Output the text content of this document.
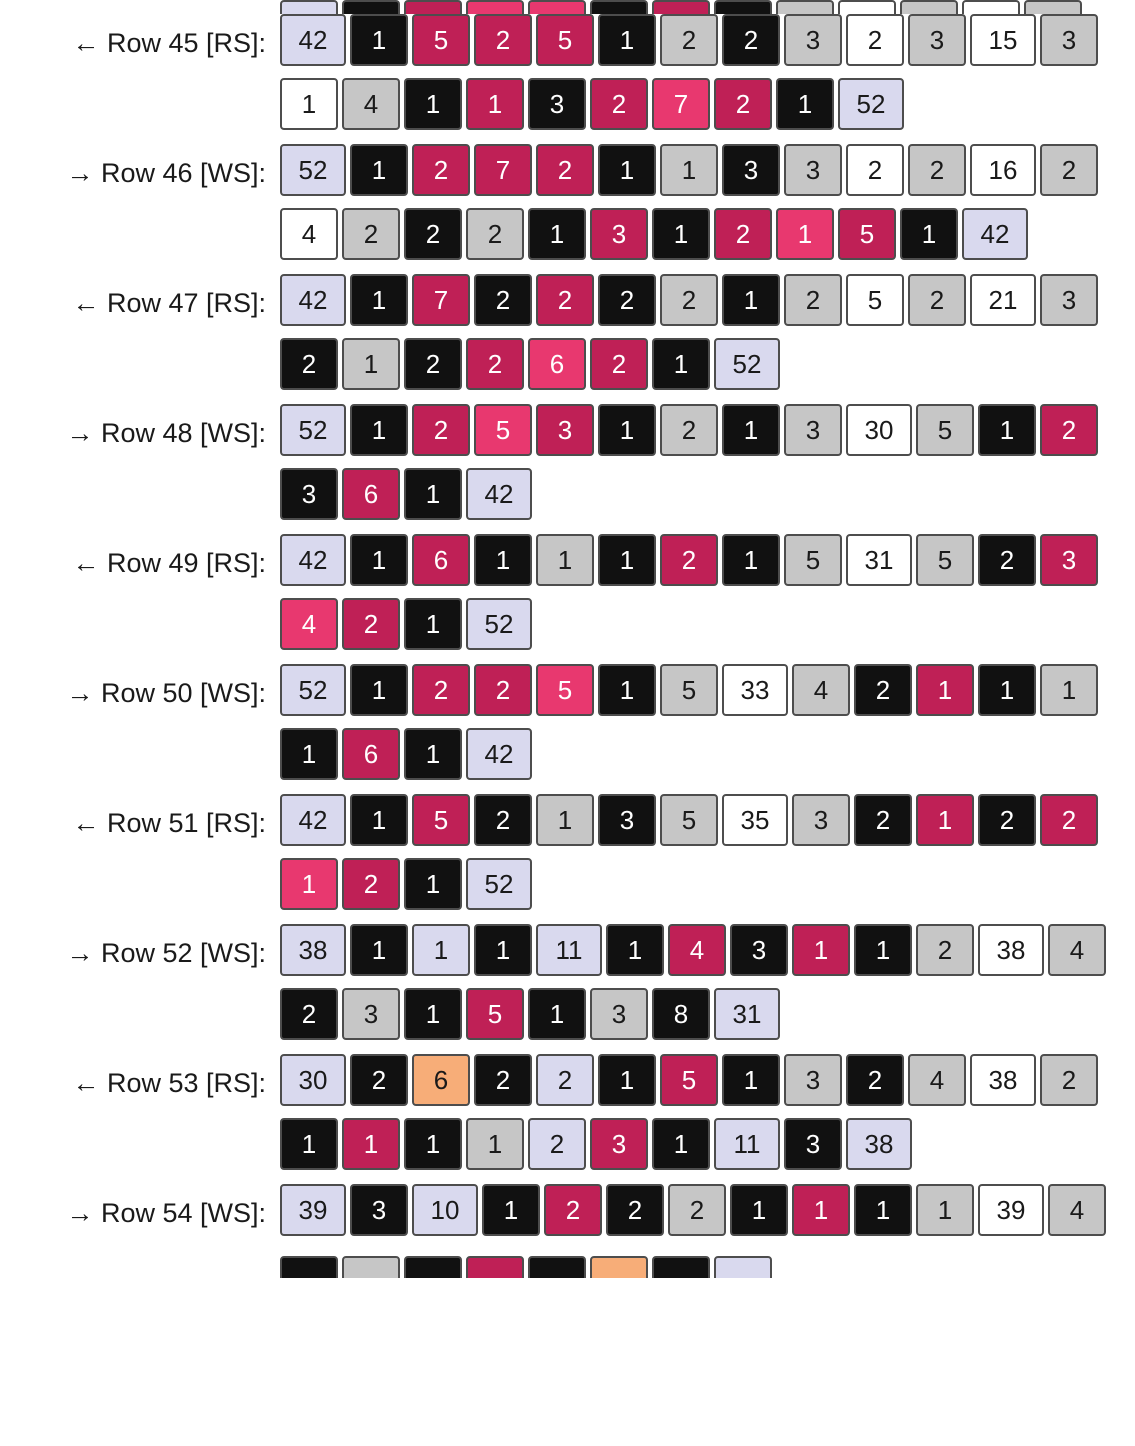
← Row 45 [RS]:	42	1	5	2	5	1	2	2	3	2	3	15	3
1	4	1	1	3	2	7	2	1	52
→ Row 46 [WS]:	52	1	2	7	2	1	1	3	3	2	2	16	2
4	2	2	2	1	3	1	2	1	5	1	42
← Row 47 [RS]:	42	1	7	2	2	2	2	1	2	5	2	21	3
2	1	2	2	6	2	1	52
→ Row 48 [WS]:	52	1	2	5	3	1	2	1	3	30	5	1	2
3	6	1	42
← Row 49 [RS]:	42	1	6	1	1	1	2	1	5	31	5	2	3
4	2	1	52
→ Row 50 [WS]:	52	1	2	2	5	1	5	33	4	2	1	1	1
1	6	1	42
← Row 51 [RS]:	42	1	5	2	1	3	5	35	3	2	1	2	2
1	2	1	52
→ Row 52 [WS]:	38	1	1	1	11	1	4	3	1	1	2	38	4
2	3	1	5	1	3	8	31
← Row 53 [RS]:	30	2	6	2	2	1	5	1	3	2	4	38	2
1	1	1	1	2	3	1	11	3	38
→ Row 54 [WS]:	39	3	10	1	2	2	2	1	1	1	1	39	4
